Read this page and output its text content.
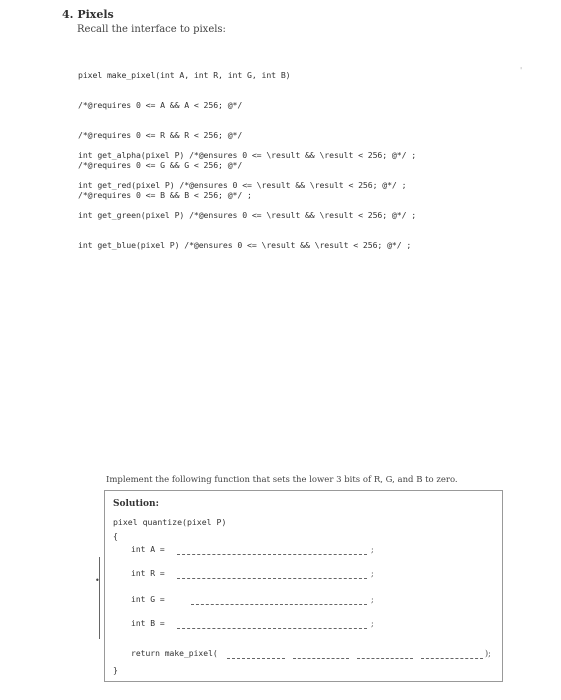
4. Pixels
Recall the interface to pixels:

pixel make_pixel(int A, int R, int G, int B)

/*@requires 0 <= A && A < 256; @*/

/*@requires 0 <= R && R < 256; @*/

/*@requires 0 <= G && G < 256; @*/

/*@requires 0 <= B && B < 256; @*/ ;

'

int get_alpha(pixel P) /*@ensures 0 <= \result && \result < 256; @*/ ;

int get_red(pixel P) /*@ensures 0 <= \result && \result < 256; @*/ ;

int get_green(pixel P) /*@ensures 0 <= \result && \result < 256; @*/ ;

int get_blue(pixel P) /*@ensures 0 <= \result && \result < 256; @*/ ;

Implement the following function that sets the lower 3 bits of R, G, and B to zero.
Solution:
pixel quantize(pixel P)
{
•
int A =	;
int R =	;
int G =	;
int B =	;
return make_pixel(	);
}
